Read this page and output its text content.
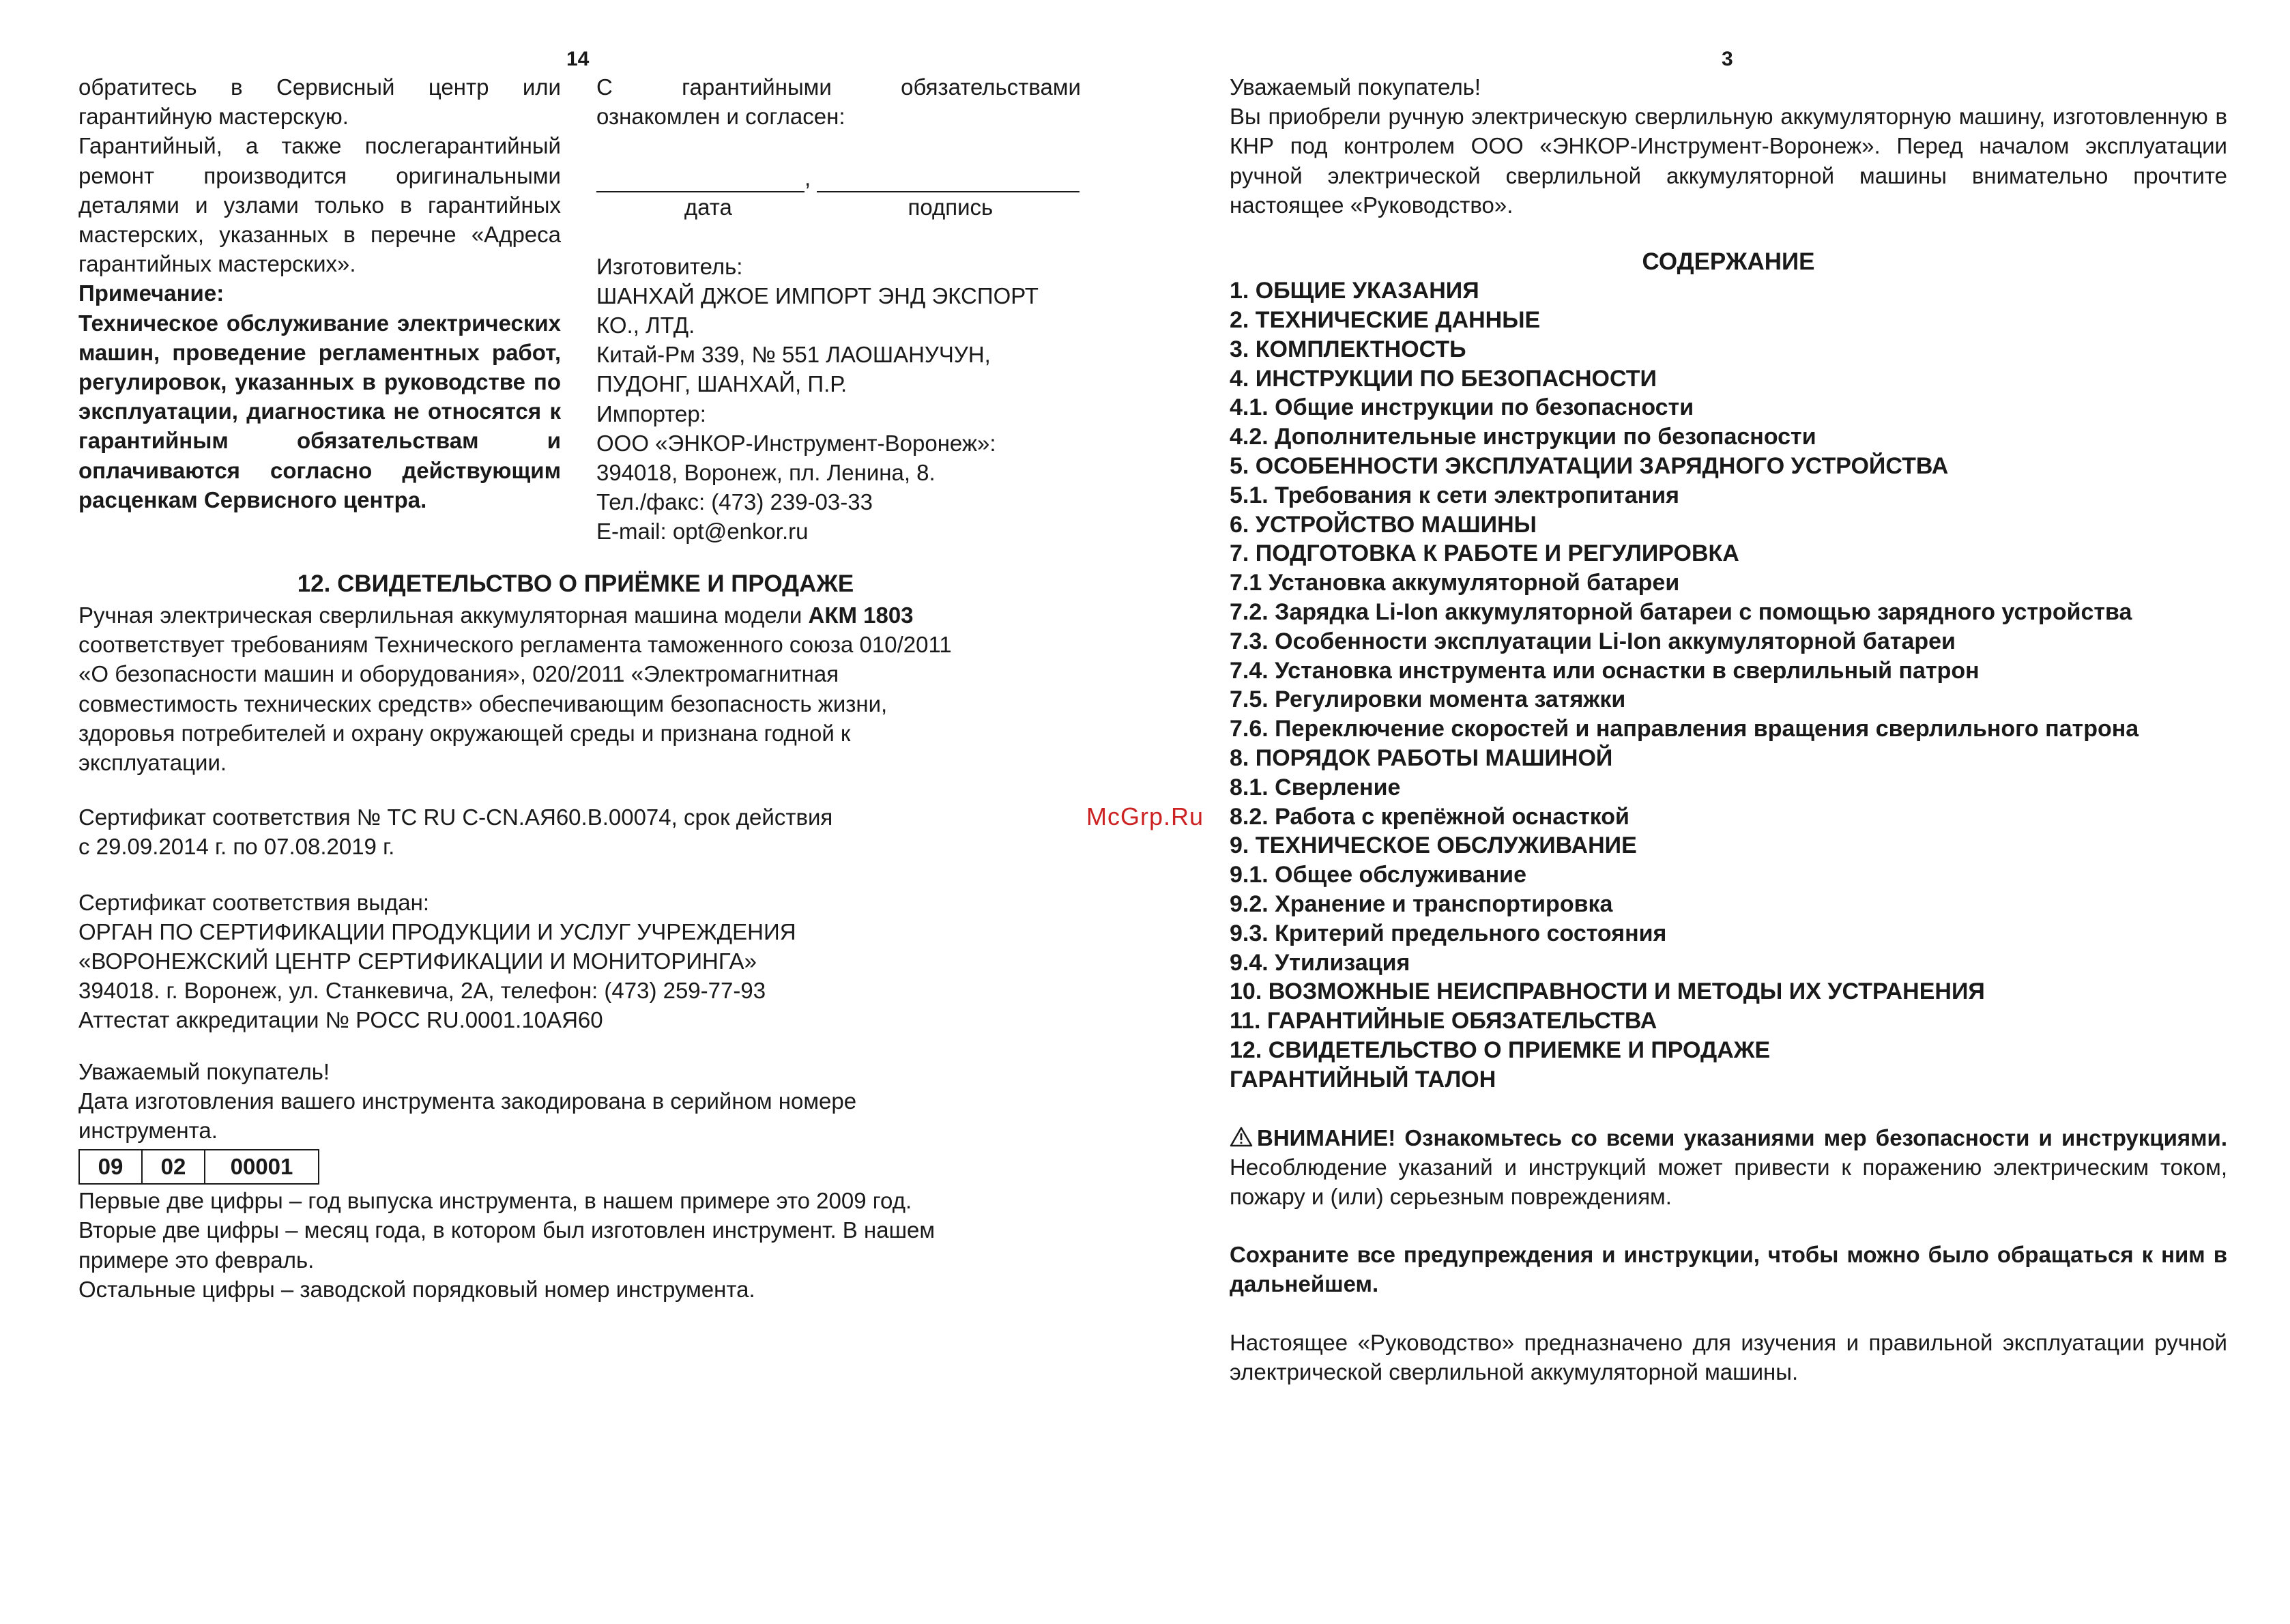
14

обратитесь в Сервисный центр или гарантийную мастерскую.

Гарантийный, а также послегарантийный ремонт производится оригинальными деталями и узлами только в гарантийных мастерских, указанных в перечне «Адреса гарантийных мастерских».

Примечание:

Техническое обслуживание электрических машин, проведение регламентных работ, регулировок, указанных в руководстве по эксплуатации, диагностика не относятся к гарантийным обязательствам и оплачиваются согласно действующим расценкам Сервисного центра.

С гарантийными обязательствами ознакомлен и согласен:

,
дата	подпись

Изготовитель:

ШАНХАЙ ДЖОЕ ИМПОРТ ЭНД ЭКСПОРТ КО., ЛТД.

Китай-Рм 339, № 551 ЛАОШАНУЧУН, ПУДОНГ, ШАНХАЙ, П.Р.

Импортер:

ООО «ЭНКОР-Инструмент-Воронеж»:

394018, Воронеж, пл. Ленина, 8.

Тел./факс: (473) 239-03-33

E-mail: opt@enkor.ru

12. СВИДЕТЕЛЬСТВО О ПРИЁМКЕ И ПРОДАЖЕ

Ручная электрическая сверлильная аккумуляторная машина модели АКМ 1803

соответствует требованиям Технического регламента таможенного союза 010/2011

«О безопасности машин и оборудования», 020/2011 «Электромагнитная

совместимость технических средств» обеспечивающим безопасность жизни,

здоровья потребителей и охрану окружающей среды и признана годной к

эксплуатации.

Сертификат соответствия № ТС RU С-CN.АЯ60.В.00074, срок действия

с 29.09.2014 г. по 07.08.2019 г.

Сертификат соответствия выдан:

ОРГАН ПО СЕРТИФИКАЦИИ ПРОДУКЦИИ И УСЛУГ УЧРЕЖДЕНИЯ

«ВОРОНЕЖСКИЙ ЦЕНТР СЕРТИФИКАЦИИ И МОНИТОРИНГА»

394018. г. Воронеж, ул. Станкевича, 2А, телефон: (473) 259-77-93

Аттестат аккредитации № РОСС RU.0001.10АЯ60

Уважаемый покупатель!

Дата изготовления вашего инструмента закодирована в серийном номере

инструмента.

09	02	00001

Первые две цифры – год выпуска инструмента, в нашем примере это 2009 год.

Вторые две цифры – месяц года, в котором был изготовлен инструмент. В нашем

примере это февраль.

Остальные цифры – заводской порядковый номер инструмента.

McGrp.Ru
3

Уважаемый покупатель!

Вы приобрели ручную электрическую сверлильную аккумуляторную машину, изготовленную в КНР под контролем ООО «ЭНКОР-Инструмент-Воронеж». Перед началом эксплуатации ручной электрической сверлильной аккумуляторной машины внимательно прочтите настоящее «Руководство».

СОДЕРЖАНИЕ

1. ОБЩИЕ УКАЗАНИЯ

2. ТЕХНИЧЕСКИЕ ДАННЫЕ

3. КОМПЛЕКТНОСТЬ

4. ИНСТРУКЦИИ ПО БЕЗОПАСНОСТИ

4.1. Общие инструкции по безопасности

4.2. Дополнительные инструкции по безопасности

5. ОСОБЕННОСТИ ЭКСПЛУАТАЦИИ ЗАРЯДНОГО УСТРОЙСТВА

5.1. Требования к сети электропитания

6. УСТРОЙСТВО МАШИНЫ

7. ПОДГОТОВКА К РАБОТЕ И РЕГУЛИРОВКА

7.1 Установка аккумуляторной батареи

7.2. Зарядка Li-Ion аккумуляторной батареи с помощью зарядного устройства

7.3. Особенности эксплуатации Li-Ion аккумуляторной батареи

7.4. Установка инструмента или оснастки в сверлильный патрон

7.5. Регулировки момента затяжки

7.6. Переключение скоростей и направления вращения сверлильного патрона

8. ПОРЯДОК РАБОТЫ МАШИНОЙ

8.1. Сверление

8.2. Работа с крепёжной оснасткой

9. ТЕХНИЧЕСКОЕ ОБСЛУЖИВАНИЕ

9.1. Общее обслуживание

9.2. Хранение и транспортировка

9.3. Критерий предельного состояния

9.4. Утилизация

10. ВОЗМОЖНЫЕ НЕИСПРАВНОСТИ И МЕТОДЫ ИХ УСТРАНЕНИЯ

11. ГАРАНТИЙНЫЕ ОБЯЗАТЕЛЬСТВА

12. СВИДЕТЕЛЬСТВО О ПРИЕМКЕ И ПРОДАЖЕ

ГАРАНТИЙНЫЙ ТАЛОН

ВНИМАНИЕ! Ознакомьтесь со всеми указаниями мер безопасности и инструкциями. Несоблюдение указаний и инструкций может привести к поражению электрическим током, пожару и (или) серьезным повреждениям.

Сохраните все предупреждения и инструкции, чтобы можно было обращаться к ним в дальнейшем.

Настоящее «Руководство» предназначено для изучения и правильной эксплуатации ручной электрической сверлильной аккумуляторной машины.
